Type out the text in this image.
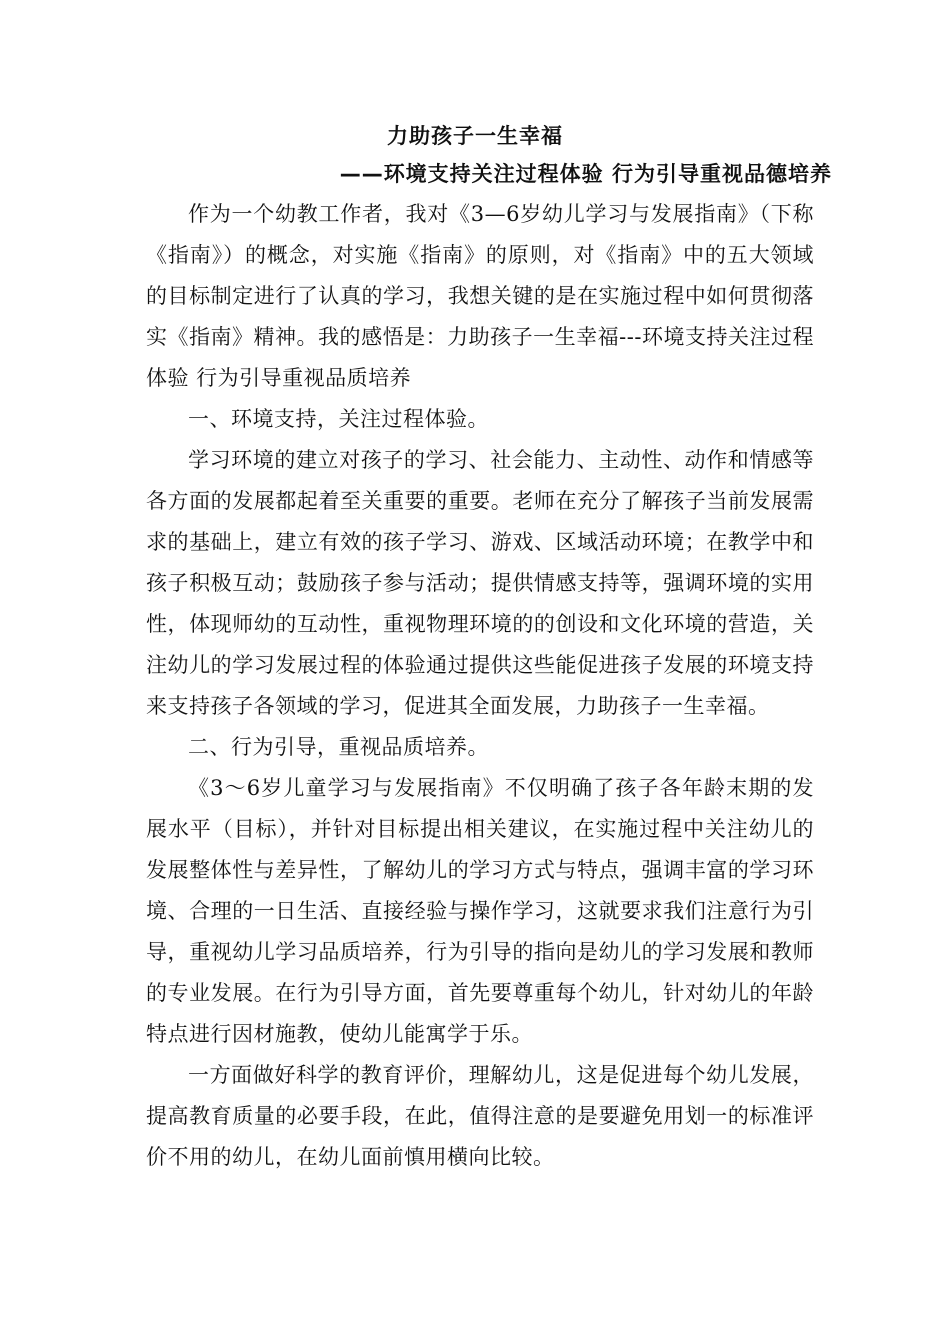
力助孩子一生幸福
——环境支持关注过程体验 行为引导重视品德培养

作为一个幼教工作者，我对《3—6岁幼儿学习与发展指南》（下称《指南》）的概念，对实施《指南》的原则，对《指南》中的五大领域的目标制定进行了认真的学习，我想关键的是在实施过程中如何贯彻落实《指南》精神。我的感悟是：力助孩子一生幸福---环境支持关注过程体验 行为引导重视品质培养

一、环境支持，关注过程体验。

学习环境的建立对孩子的学习、社会能力、主动性、动作和情感等各方面的发展都起着至关重要的重要。老师在充分了解孩子当前发展需求的基础上，建立有效的孩子学习、游戏、区域活动环境；在教学中和孩子积极互动；鼓励孩子参与活动；提供情感支持等，强调环境的实用性，体现师幼的互动性，重视物理环境的的创设和文化环境的营造，关注幼儿的学习发展过程的体验通过提供这些能促进孩子发展的环境支持来支持孩子各领域的学习，促进其全面发展，力助孩子一生幸福。

二、行为引导，重视品质培养。

《3～6岁儿童学习与发展指南》不仅明确了孩子各年龄末期的发展水平（目标），并针对目标提出相关建议，在实施过程中关注幼儿的发展整体性与差异性，了解幼儿的学习方式与特点，强调丰富的学习环境、合理的一日生活、直接经验与操作学习，这就要求我们注意行为引导，重视幼儿学习品质培养，行为引导的指向是幼儿的学习发展和教师的专业发展。在行为引导方面，首先要尊重每个幼儿，针对幼儿的年龄特点进行因材施教，使幼儿能寓学于乐。

一方面做好科学的教育评价，理解幼儿，这是促进每个幼儿发展，提高教育质量的必要手段，在此，值得注意的是要避免用划一的标准评价不用的幼儿，在幼儿面前慎用横向比较。
